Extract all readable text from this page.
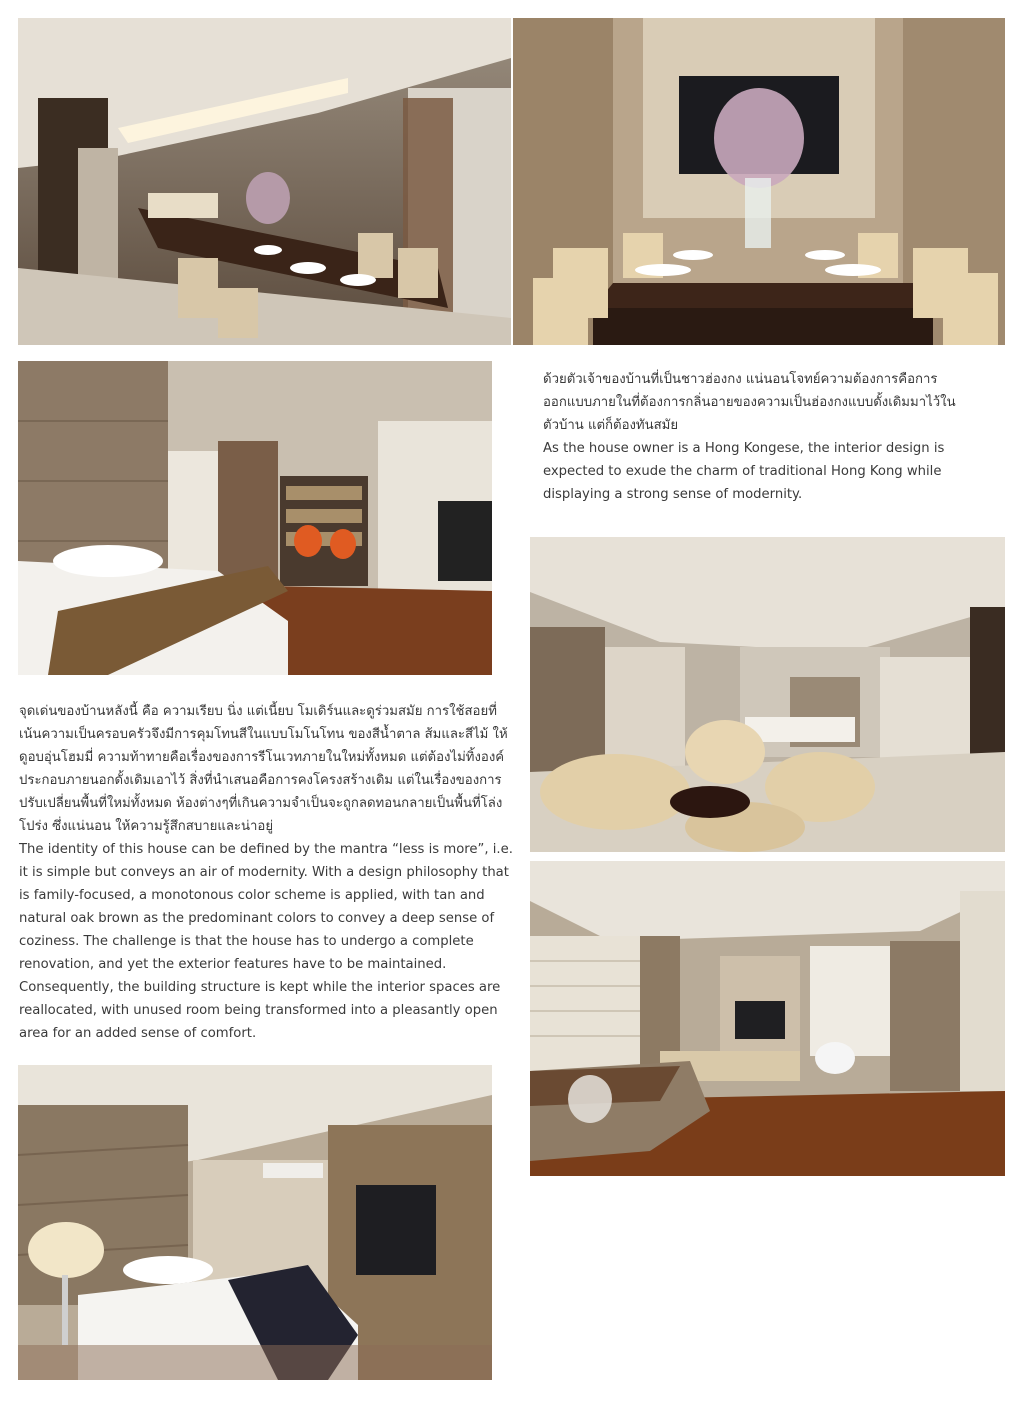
ด้วยตัวเจ้าของบ้านที่เป็นชาวฮ่องกง แน่นอนโจทย์ความต้องการคือการออกแบบภายในที่ต้องการกลิ่นอายของความเป็นฮ่องกงแบบดั้งเดิมมาไว้ในตัวบ้าน แต่ก็ต้องทันสมัย

As the house owner is a Hong Kongese, the interior design is expected to exude the charm of traditional Hong Kong while displaying a strong sense of modernity.

จุดเด่นของบ้านหลังนี้ คือ ความเรียบ นิ่ง แต่เนี้ยบ โมเดิร์นและดูร่วมสมัย การใช้สอยที่เน้นความเป็นครอบครัวจึงมีการคุมโทนสีในแบบโมโนโทน ของสีน้ำตาล ส้มและสีไม้ ให้ดูอบอุ่นโฮมมี่ ความท้าทายคือเรื่องของการรีโนเวทภายในใหม่ทั้งหมด แต่ต้องไม่ทิ้งองค์ประกอบภายนอกดั้งเดิมเอาไว้ สิ่งที่นำเสนอคือการคงโครงสร้างเดิม แต่ในเรื่องของการปรับเปลี่ยนพื้นที่ใหม่ทั้งหมด ห้องต่างๆที่เกินความจำเป็นจะถูกลดทอนกลายเป็นพื้นที่โล่ง โปร่ง ซึ่งแน่นอน ให้ความรู้สึกสบายและน่าอยู่

The identity of this house can be defined by the mantra “less is more”, i.e. it is simple but conveys an air of modernity. With a design philosophy that is family-focused, a monotonous color scheme is applied, with tan and natural oak brown as the predominant colors to convey a deep sense of coziness. The challenge is that the house has to undergo a complete renovation, and yet the exterior features have to be maintained. Consequently, the building structure is kept while the interior spaces are reallocated, with unused room being transformed into a pleasantly open area for an added sense of comfort.
